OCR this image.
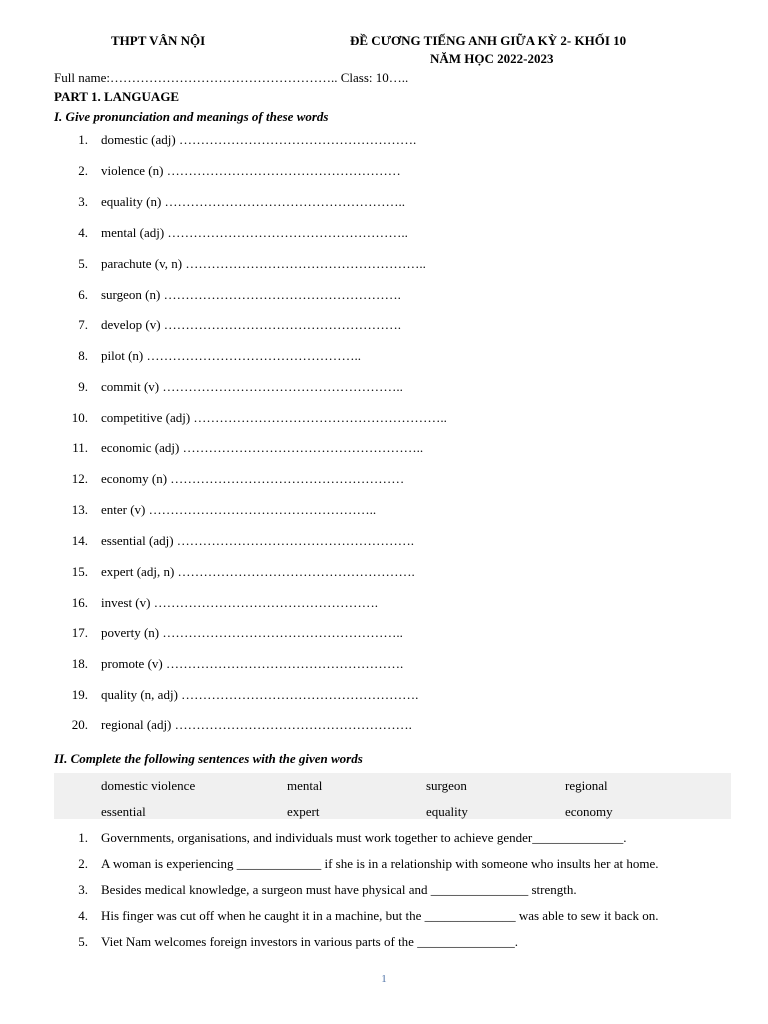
THPT VÂN NỘI	ĐỀ CƯƠNG TIẾNG ANH GIỮA KỲ 2- KHỐI 10
NĂM HỌC 2022-2023
Full name:…………………………………………….. Class: 10…..
PART 1. LANGUAGE
I. Give pronunciation and meanings of these words
1. domestic (adj) ……………………………………………….
2. violence (n) ………………………………………………
3. equality (n) ………………………………………………..
4. mental (adj) ………………………………………………..
5. parachute (v, n) ………………………………………………..
6. surgeon (n) ……………………………………………….
7. develop (v) ……………………………………………….
8. pilot (n) …………………………………………..
9. commit (v) ………………………………………………..
10. competitive (adj) …………………………………………………..
11. economic (adj) ………………………………………………..
12. economy (n) ………………………………………………
13. enter (v) ……………………………………………..
14. essential (adj) ……………………………………………….
15. expert (adj, n) ……………………………………………….
16. invest (v) …………………………………………….
17. poverty (n) ………………………………………………..
18. promote (v) ……………………………………………….
19. quality (n, adj) ……………………………………………….
20. regional (adj) ……………………………………………….
II. Complete the following sentences with the given words
domestic violence	mental	surgeon	regional
essential	expert	equality	economy
1. Governments, organisations, and individuals must work together to achieve gender______________.
2. A woman is experiencing _____________ if she is in a relationship with someone who insults her at home.
3. Besides medical knowledge, a surgeon must have physical and _______________ strength.
4. His finger was cut off when he caught it in a machine, but the ______________ was able to sew it back on.
5. Viet Nam welcomes foreign investors in various parts of the _______________.
1
